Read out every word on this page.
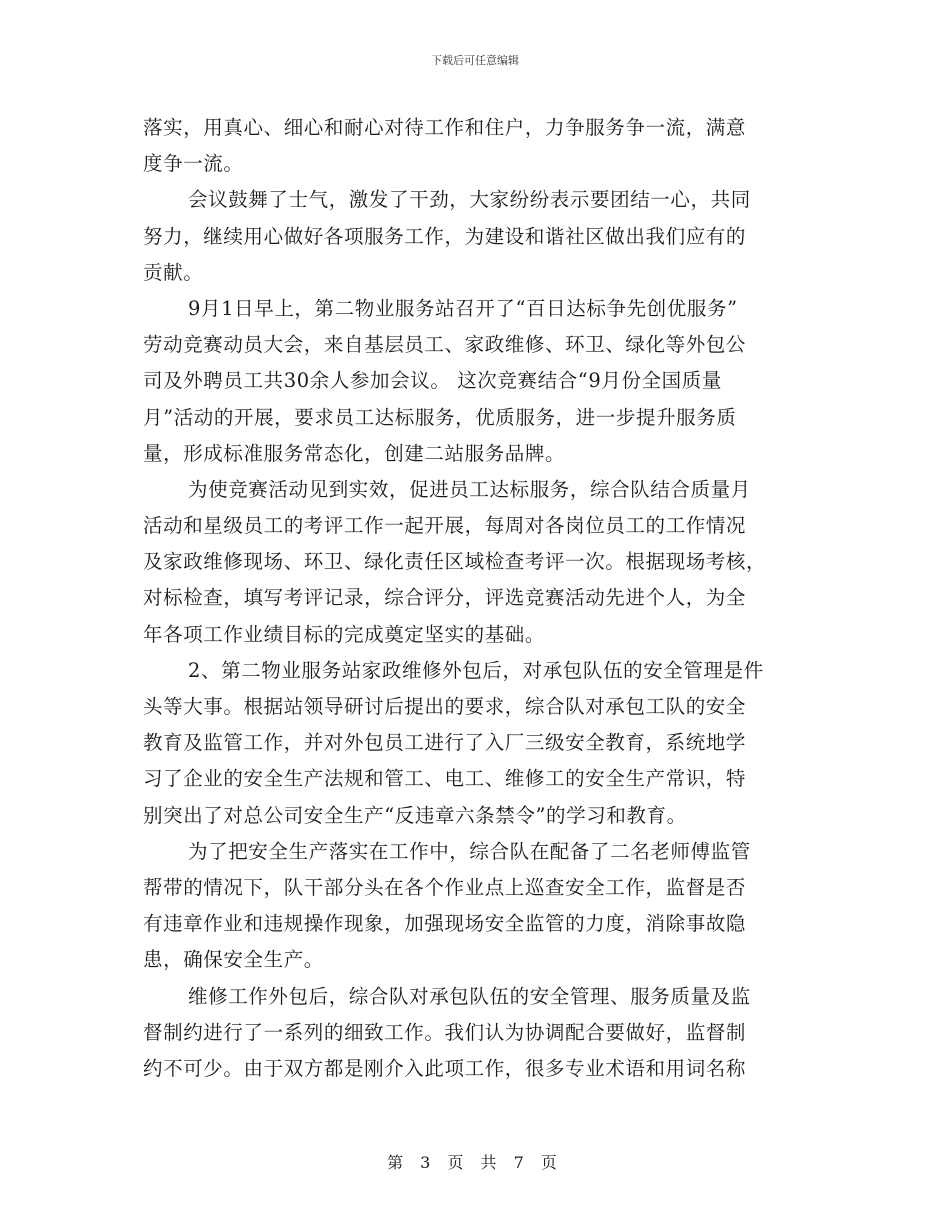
下载后可任意编辑
落实，用真心、细心和耐心对待工作和住户，力争服务争一流，满意
度争一流。
会议鼓舞了士气，激发了干劲，大家纷纷表示要团结一心，共同
努力，继续用心做好各项服务工作，为建设和谐社区做出我们应有的
贡献。
9月1日早上，第二物业服务站召开了“百日达标争先创优服务”
劳动竞赛动员大会，来自基层员工、家政维修、环卫、绿化等外包公
司及外聘员工共30余人参加会议。 这次竞赛结合“9月份全国质量
月”活动的开展，要求员工达标服务，优质服务，进一步提升服务质
量，形成标准服务常态化，创建二站服务品牌。
为使竞赛活动见到实效，促进员工达标服务，综合队结合质量月
活动和星级员工的考评工作一起开展，每周对各岗位员工的工作情况
及家政维修现场、环卫、绿化责任区域检查考评一次。根据现场考核，
对标检查，填写考评记录，综合评分，评选竞赛活动先进个人，为全
年各项工作业绩目标的完成奠定坚实的基础。
2、第二物业服务站家政维修外包后，对承包队伍的安全管理是件
头等大事。根据站领导研讨后提出的要求，综合队对承包工队的安全
教育及监管工作，并对外包员工进行了入厂三级安全教育，系统地学
习了企业的安全生产法规和管工、电工、维修工的安全生产常识，特
别突出了对总公司安全生产“反违章六条禁令”的学习和教育。
为了把安全生产落实在工作中，综合队在配备了二名老师傅监管
帮带的情况下，队干部分头在各个作业点上巡查安全工作，监督是否
有违章作业和违规操作现象，加强现场安全监管的力度，消除事故隐
患，确保安全生产。
维修工作外包后，综合队对承包队伍的安全管理、服务质量及监
督制约进行了一系列的细致工作。我们认为协调配合要做好，监督制
约不可少。由于双方都是刚介入此项工作，很多专业术语和用词名称
第 3 页 共 7 页
